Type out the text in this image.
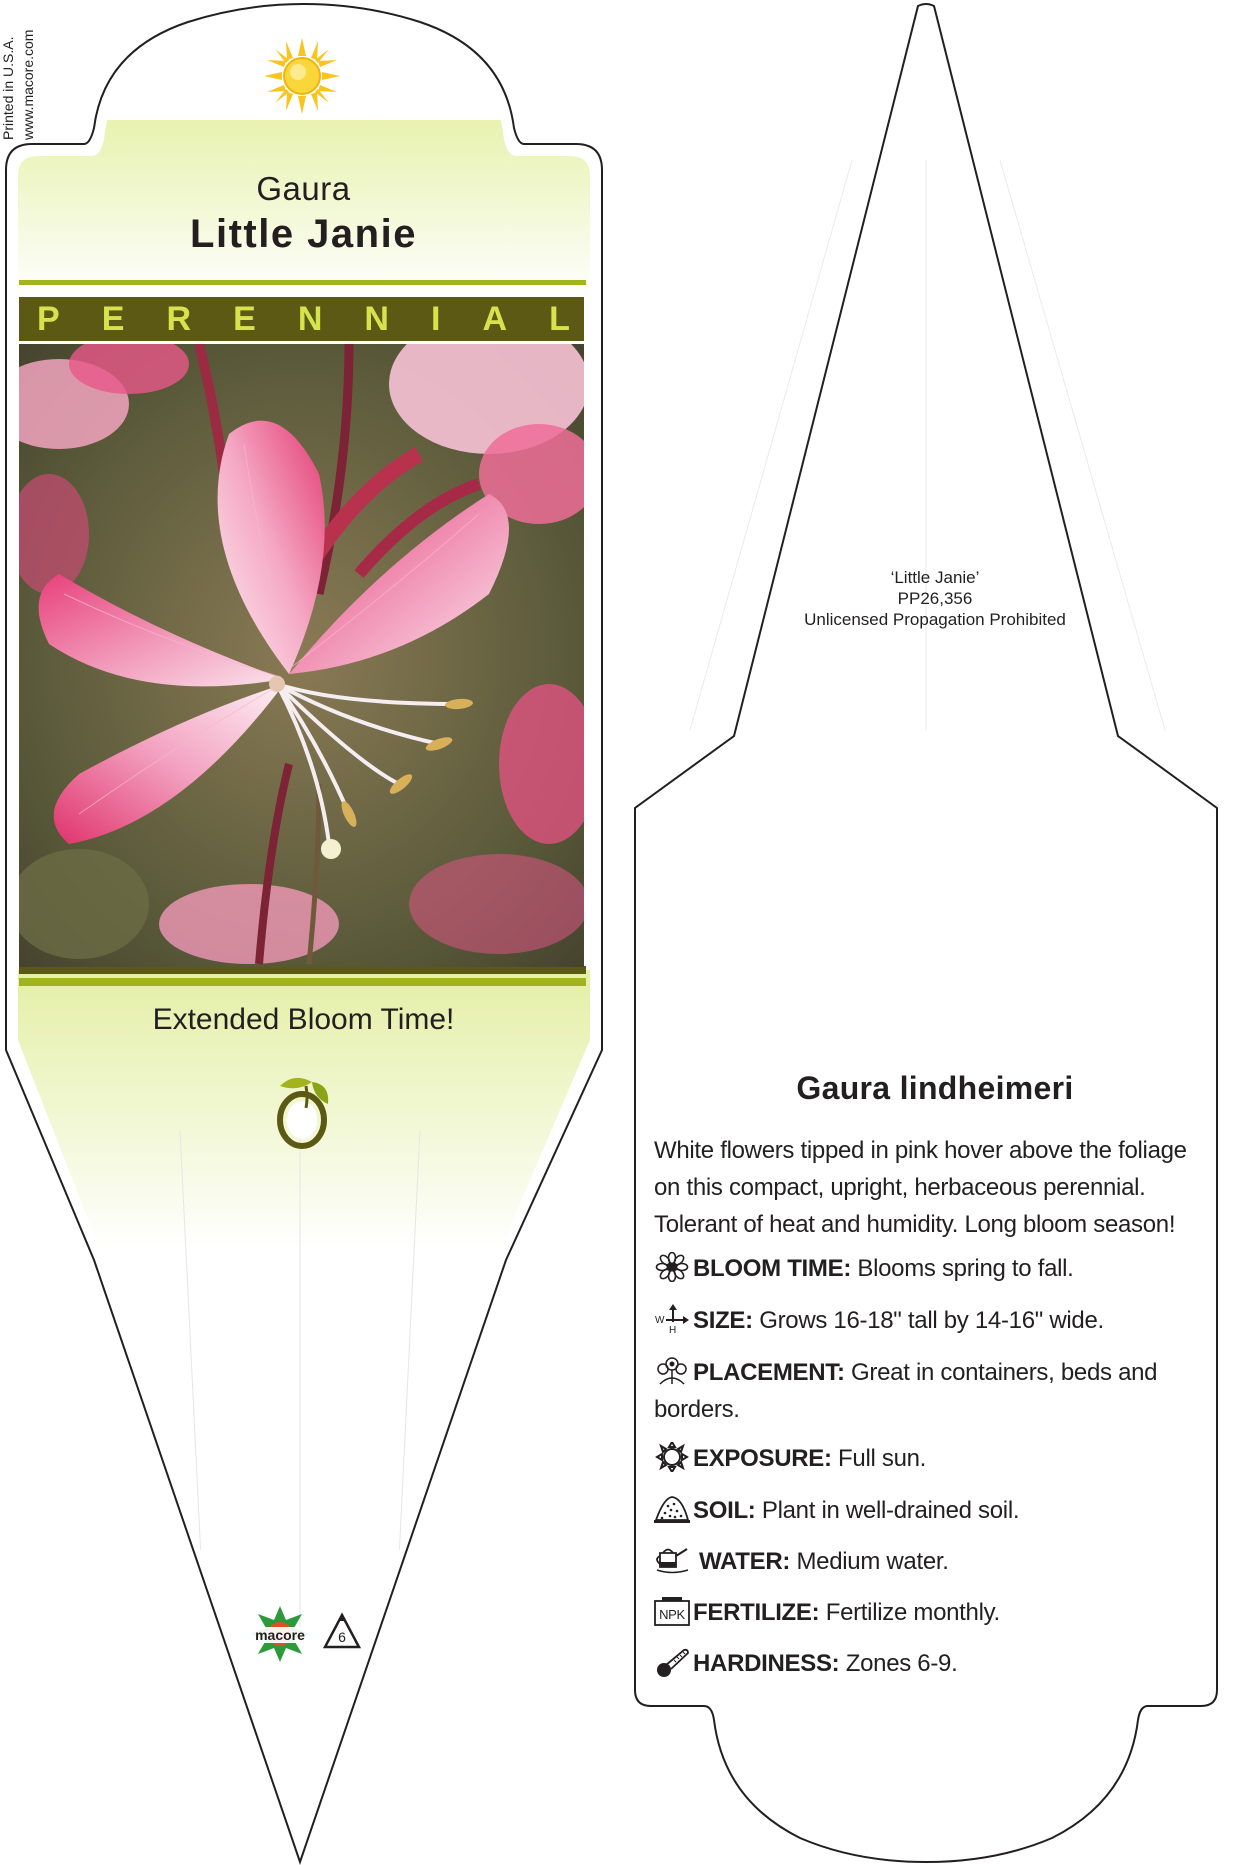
Gaura
Little Janie
P E R E N N I A L
Extended Bloom Time!
macore 6
Printed in U.S.A. www.macore.com
‘Little Janie’
PP26,356
Unlicensed Propagation Prohibited
Gaura lindheimeri
White flowers tipped in pink hover above the foliage on this compact, upright, herbaceous perennial. Tolerant of heat and humidity. Long bloom season!
BLOOM TIME: Blooms spring to fall.
W
H SIZE: Grows 16-18" tall by 14-16" wide.
PLACEMENT: Great in containers, beds and borders.
EXPOSURE: Full sun.
SOIL: Plant in well-drained soil.
WATER: Medium water.
NPK FERTILIZE: Fertilize monthly.
HARDINESS: Zones 6-9.
